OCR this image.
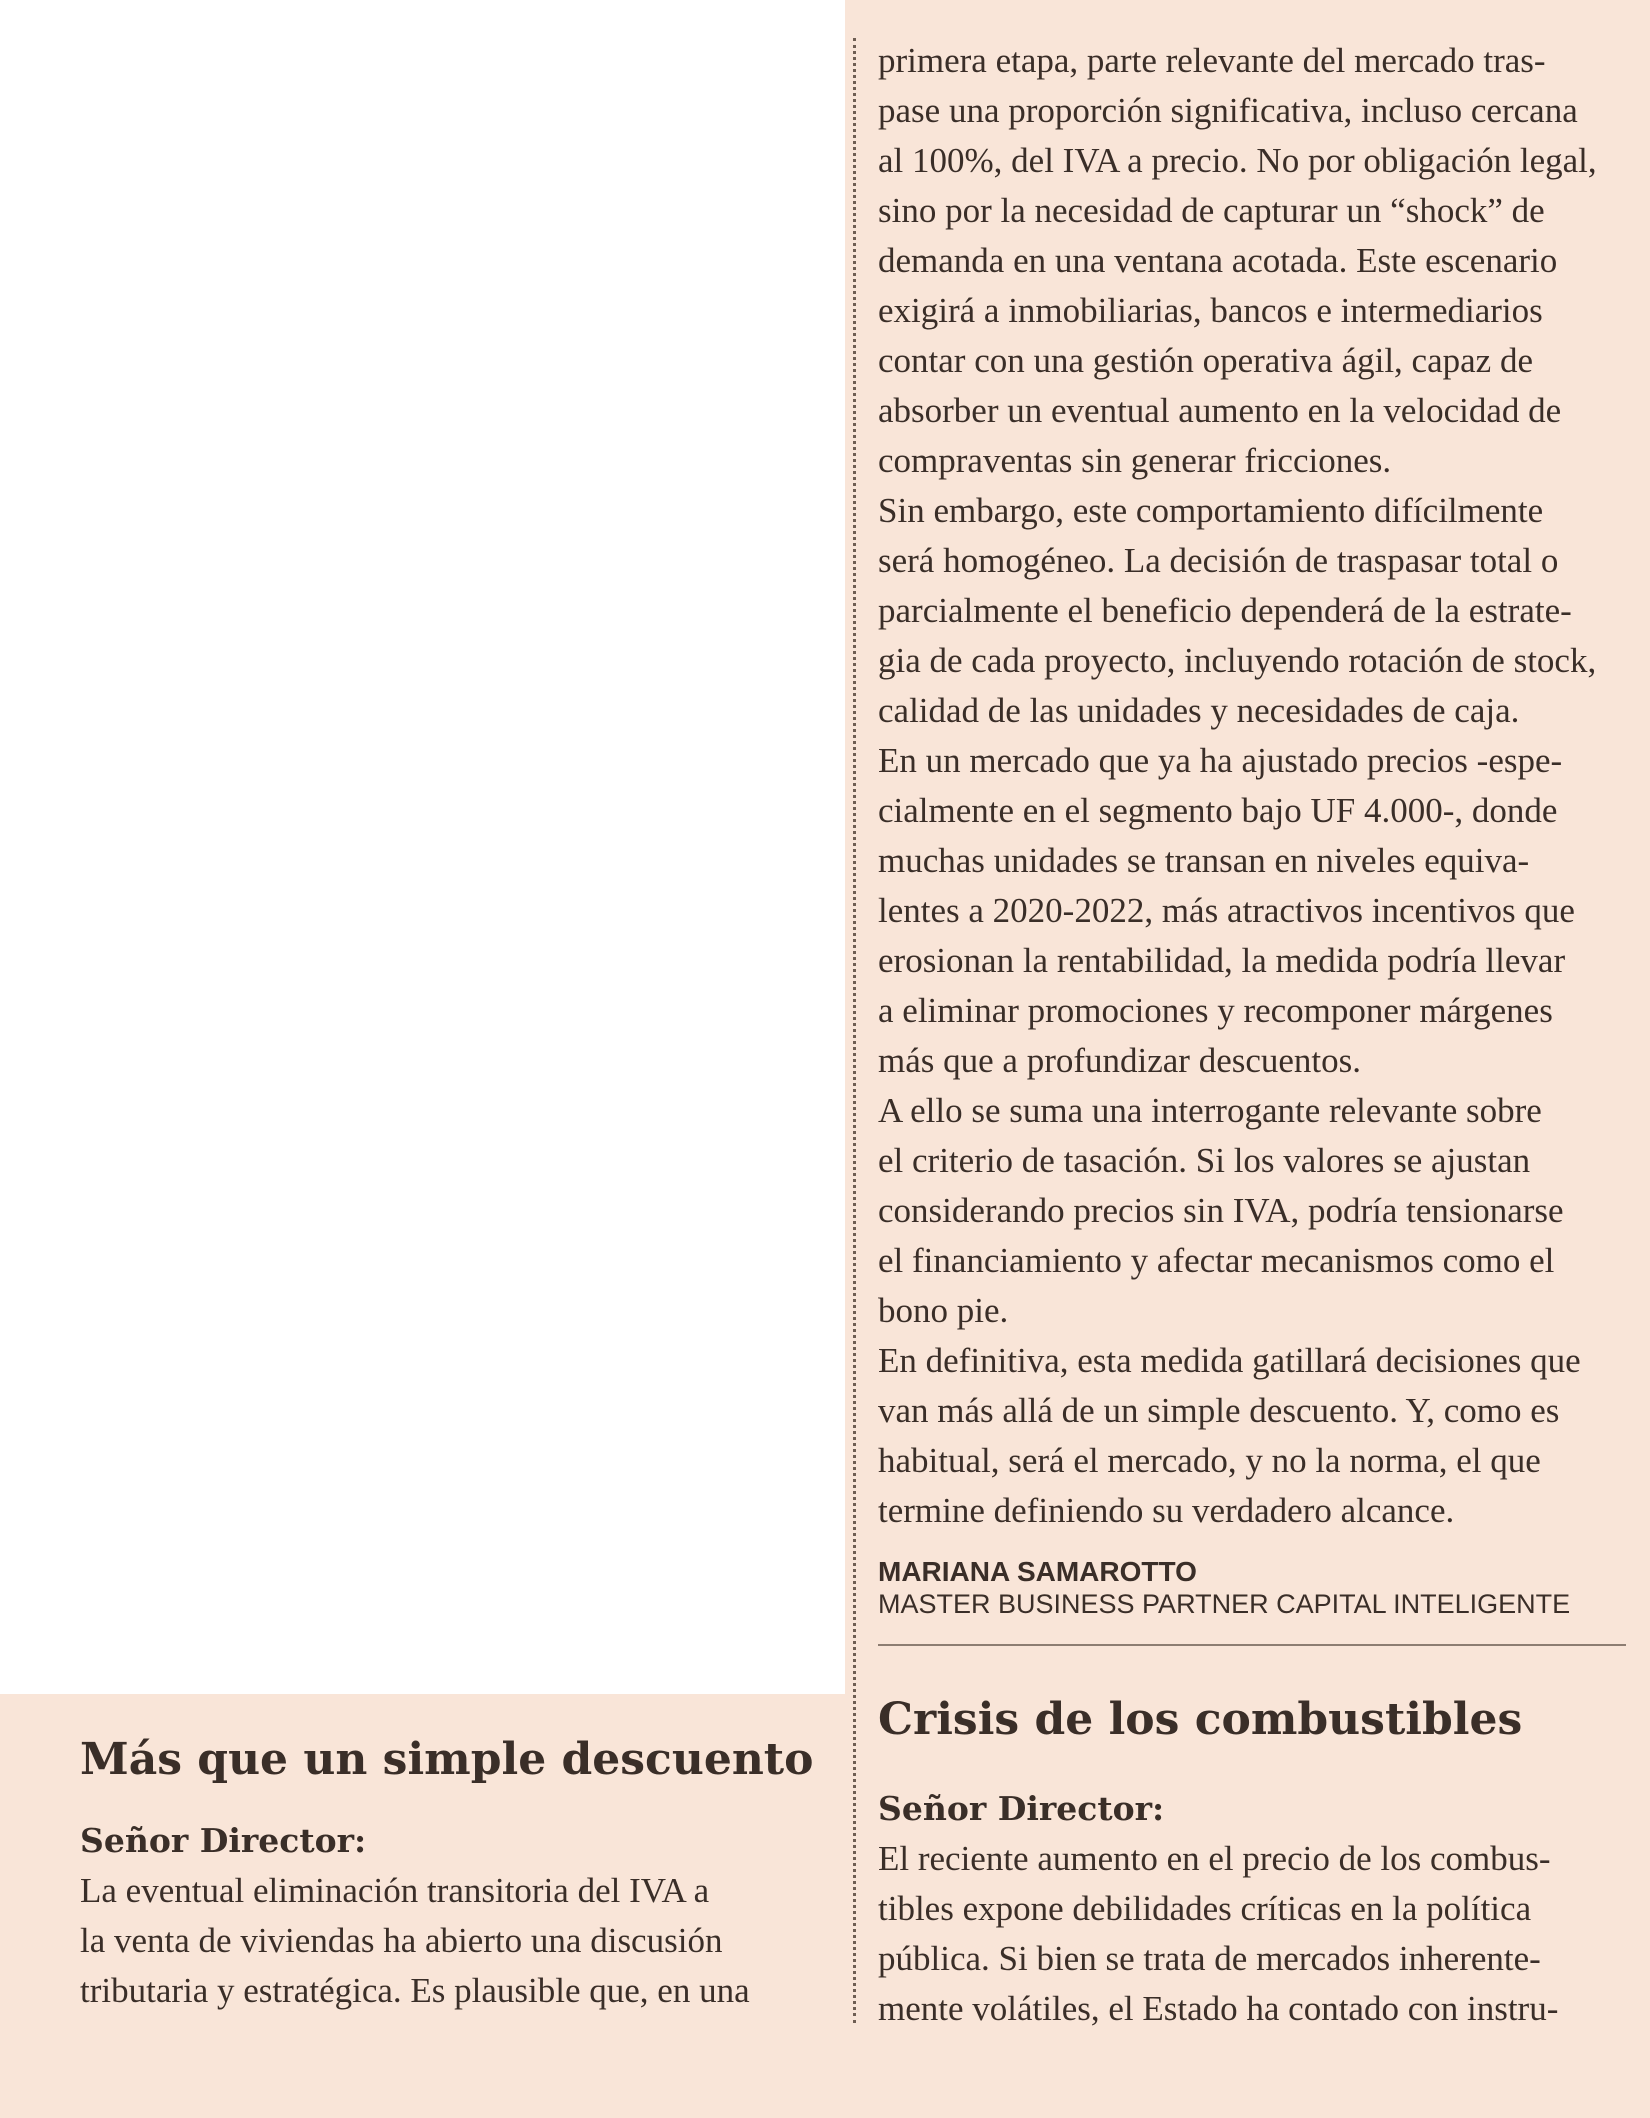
primera etapa, parte relevante del mercado tras-
pase una proporción significativa, incluso cercana
al 100%, del IVA a precio. No por obligación legal,
sino por la necesidad de capturar un “shock” de
demanda en una ventana acotada. Este escenario
exigirá a inmobiliarias, bancos e intermediarios
contar con una gestión operativa ágil, capaz de
absorber un eventual aumento en la velocidad de
compraventas sin generar fricciones.
Sin embargo, este comportamiento difícilmente
será homogéneo. La decisión de traspasar total o
parcialmente el beneficio dependerá de la estrate-
gia de cada proyecto, incluyendo rotación de stock,
calidad de las unidades y necesidades de caja.
En un mercado que ya ha ajustado precios -espe-
cialmente en el segmento bajo UF 4.000-, donde
muchas unidades se transan en niveles equiva-
lentes a 2020-2022, más atractivos incentivos que
erosionan la rentabilidad, la medida podría llevar
a eliminar promociones y recomponer márgenes
más que a profundizar descuentos.
A ello se suma una interrogante relevante sobre
el criterio de tasación. Si los valores se ajustan
considerando precios sin IVA, podría tensionarse
el financiamiento y afectar mecanismos como el
bono pie.
En definitiva, esta medida gatillará decisiones que
van más allá de un simple descuento. Y, como es
habitual, será el mercado, y no la norma, el que
termine definiendo su verdadero alcance.
MARIANA SAMAROTTO
MASTER BUSINESS PARTNER CAPITAL INTELIGENTE
Crisis de los combustibles
Señor Director:
El reciente aumento en el precio de los combus-
tibles expone debilidades críticas en la política
pública. Si bien se trata de mercados inherente-
mente volátiles, el Estado ha contado con instru-
Más que un simple descuento
Señor Director:
La eventual eliminación transitoria del IVA a
la venta de viviendas ha abierto una discusión
tributaria y estratégica. Es plausible que, en una
